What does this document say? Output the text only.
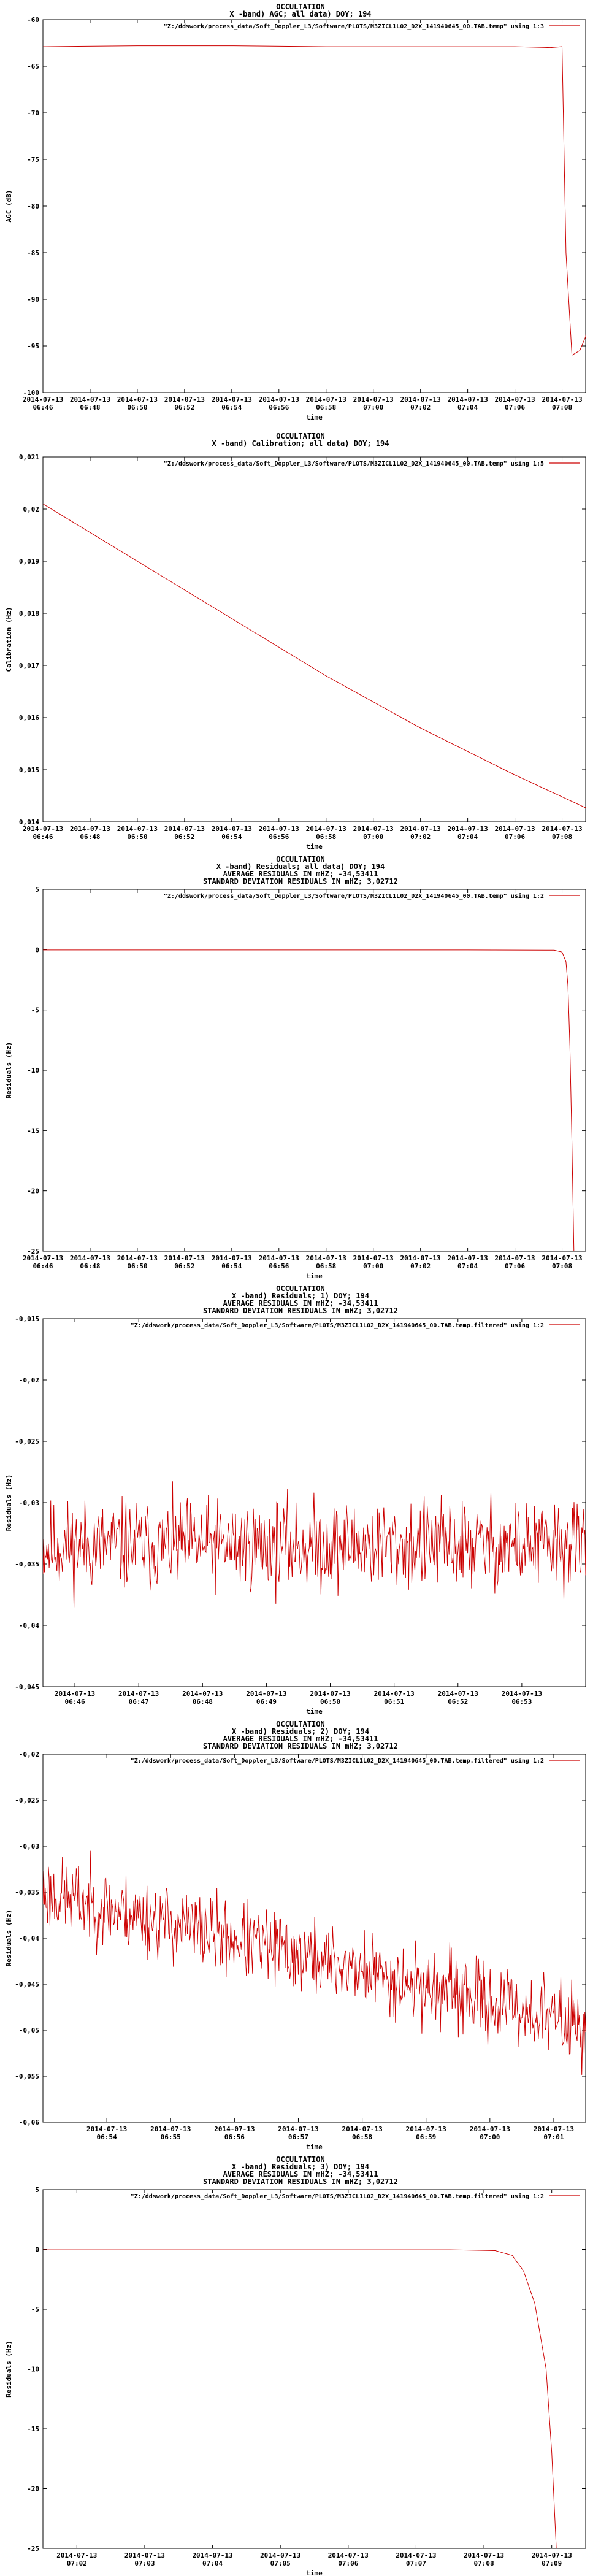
OCCULTATION
X -band) AGC; all data) DOY; 194
-60
-65
-70
-75
-80
-85
-90
-95
-100
2014-07-13
06:46
2014-07-13
06:48
2014-07-13
06:50
2014-07-13
06:52
2014-07-13
06:54
2014-07-13
06:56
2014-07-13
06:58
2014-07-13
07:00
2014-07-13
07:02
2014-07-13
07:04
2014-07-13
07:06
2014-07-13
07:08
time
AGC (dB)
"Z:/ddswork/process_data/Soft_Doppler_L3/Software/PLOTS/M3ZICL1L02_D2X_141940645_00.TAB.temp" using 1:3
OCCULTATION
X -band) Calibration; all data) DOY; 194
0,014
0,015
0,016
0,017
0,018
0,019
0,02
0,021
2014-07-13
06:46
2014-07-13
06:48
2014-07-13
06:50
2014-07-13
06:52
2014-07-13
06:54
2014-07-13
06:56
2014-07-13
06:58
2014-07-13
07:00
2014-07-13
07:02
2014-07-13
07:04
2014-07-13
07:06
2014-07-13
07:08
time
Calibration (Hz)
"Z:/ddswork/process_data/Soft_Doppler_L3/Software/PLOTS/M3ZICL1L02_D2X_141940645_00.TAB.temp" using 1:5
OCCULTATION
X -band) Residuals; all data) DOY; 194
AVERAGE RESIDUALS IN mHZ; -34,53411
STANDARD DEVIATION RESIDUALS IN mHZ; 3,02712
5
0
-5
-10
-15
-20
-25
2014-07-13
06:46
2014-07-13
06:48
2014-07-13
06:50
2014-07-13
06:52
2014-07-13
06:54
2014-07-13
06:56
2014-07-13
06:58
2014-07-13
07:00
2014-07-13
07:02
2014-07-13
07:04
2014-07-13
07:06
2014-07-13
07:08
time
Residuals (Hz)
"Z:/ddswork/process_data/Soft_Doppler_L3/Software/PLOTS/M3ZICL1L02_D2X_141940645_00.TAB.temp" using 1:2
OCCULTATION
X -band) Residuals; 1) DOY; 194
AVERAGE RESIDUALS IN mHZ; -34,53411
STANDARD DEVIATION RESIDUALS IN mHZ; 3,02712
-0,015
-0,02
-0,025
-0,03
-0,035
-0,04
-0,045
2014-07-13
06:46
2014-07-13
06:47
2014-07-13
06:48
2014-07-13
06:49
2014-07-13
06:50
2014-07-13
06:51
2014-07-13
06:52
2014-07-13
06:53
time
Residuals (Hz)
"Z:/ddswork/process_data/Soft_Doppler_L3/Software/PLOTS/M3ZICL1L02_D2X_141940645_00.TAB.temp.filtered" using 1:2
OCCULTATION
X -band) Residuals; 2) DOY; 194
AVERAGE RESIDUALS IN mHZ; -34,53411
STANDARD DEVIATION RESIDUALS IN mHZ; 3,02712
-0,02
-0,025
-0,03
-0,035
-0,04
-0,045
-0,05
-0,055
-0,06
2014-07-13
06:54
2014-07-13
06:55
2014-07-13
06:56
2014-07-13
06:57
2014-07-13
06:58
2014-07-13
06:59
2014-07-13
07:00
2014-07-13
07:01
time
Residuals (Hz)
"Z:/ddswork/process_data/Soft_Doppler_L3/Software/PLOTS/M3ZICL1L02_D2X_141940645_00.TAB.temp.filtered" using 1:2
OCCULTATION
X -band) Residuals; 3) DOY; 194
AVERAGE RESIDUALS IN mHZ; -34,53411
STANDARD DEVIATION RESIDUALS IN mHZ; 3,02712
5
0
-5
-10
-15
-20
-25
2014-07-13
07:02
2014-07-13
07:03
2014-07-13
07:04
2014-07-13
07:05
2014-07-13
07:06
2014-07-13
07:07
2014-07-13
07:08
2014-07-13
07:09
time
Residuals (Hz)
"Z:/ddswork/process_data/Soft_Doppler_L3/Software/PLOTS/M3ZICL1L02_D2X_141940645_00.TAB.temp.filtered" using 1:2
